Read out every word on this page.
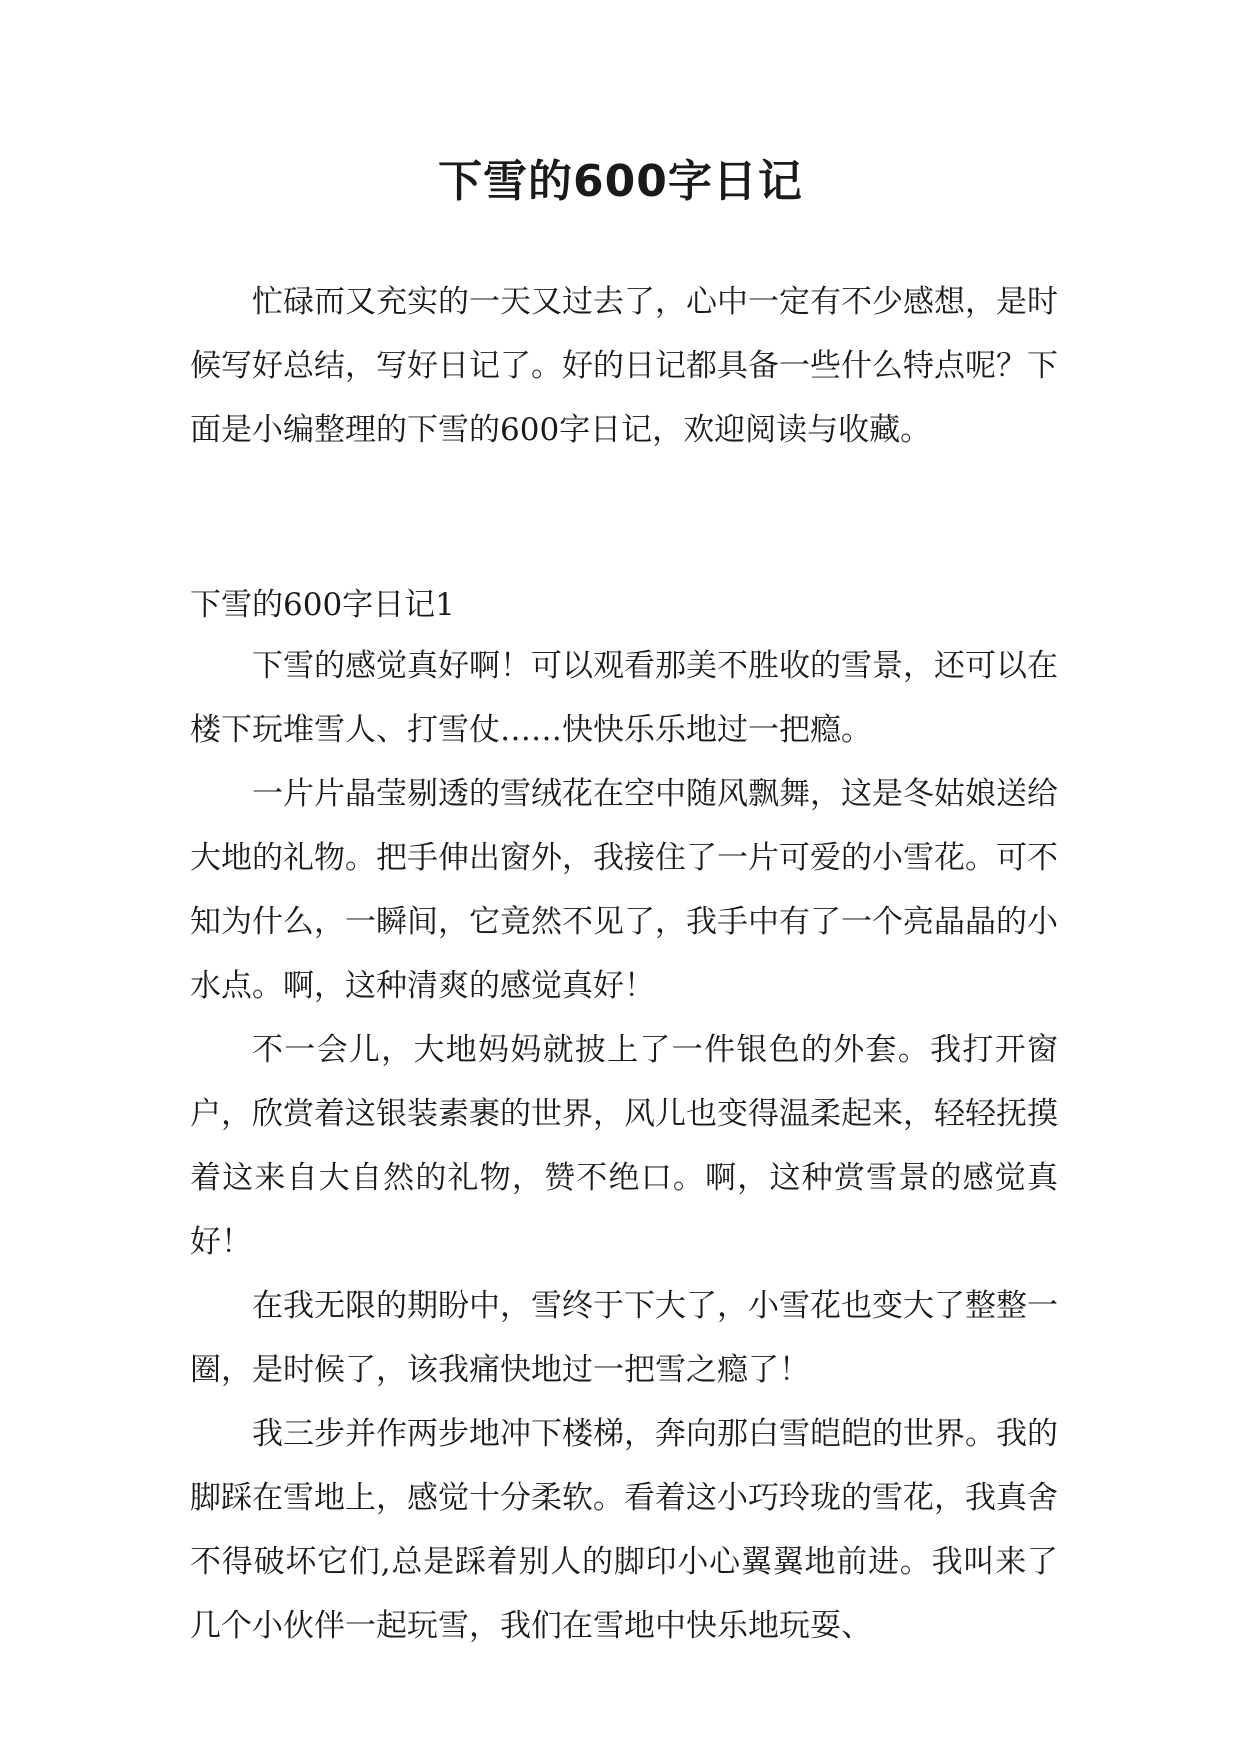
下雪的600字日记

忙碌而又充实的一天又过去了，心中一定有不少感想，是时候写好总结，写好日记了。好的日记都具备一些什么特点呢？下面是小编整理的下雪的600字日记，欢迎阅读与收藏。

下雪的600字日记1

下雪的感觉真好啊！可以观看那美不胜收的雪景，还可以在楼下玩堆雪人、打雪仗……快快乐乐地过一把瘾。

一片片晶莹剔透的雪绒花在空中随风飘舞，这是冬姑娘送给大地的礼物。把手伸出窗外，我接住了一片可爱的小雪花。可不知为什么，一瞬间，它竟然不见了，我手中有了一个亮晶晶的小水点。啊，这种清爽的感觉真好！

不一会儿，大地妈妈就披上了一件银色的外套。我打开窗户，欣赏着这银装素裹的世界，风儿也变得温柔起来，轻轻抚摸着这来自大自然的礼物，赞不绝口。啊，这种赏雪景的感觉真好！

在我无限的期盼中，雪终于下大了，小雪花也变大了整整一圈，是时候了，该我痛快地过一把雪之瘾了！

我三步并作两步地冲下楼梯，奔向那白雪皑皑的世界。我的脚踩在雪地上，感觉十分柔软。看着这小巧玲珑的雪花，我真舍不得破坏它们,总是踩着别人的脚印小心翼翼地前进。我叫来了几个小伙伴一起玩雪，我们在雪地中快乐地玩耍、
